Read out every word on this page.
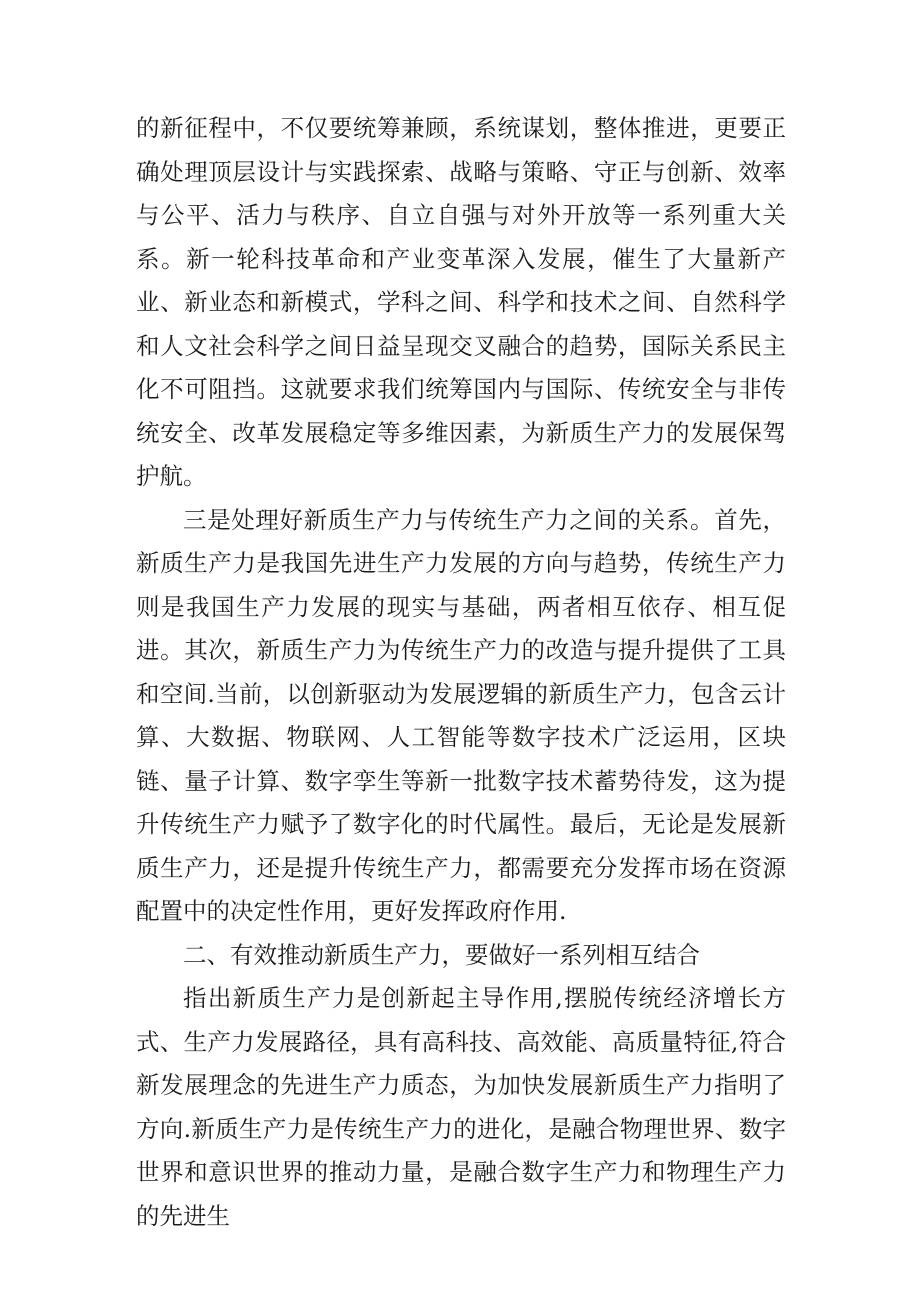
的新征程中，不仅要统筹兼顾，系统谋划，整体推进，更要正确处理顶层设计与实践探索、战略与策略、守正与创新、效率与公平、活力与秩序、自立自强与对外开放等一系列重大关系。新一轮科技革命和产业变革深入发展，催生了大量新产业、新业态和新模式，学科之间、科学和技术之间、自然科学和人文社会科学之间日益呈现交叉融合的趋势，国际关系民主化不可阻挡。这就要求我们统筹国内与国际、传统安全与非传统安全、改革发展稳定等多维因素，为新质生产力的发展保驾护航。

三是处理好新质生产力与传统生产力之间的关系。首先，新质生产力是我国先进生产力发展的方向与趋势，传统生产力则是我国生产力发展的现实与基础，两者相互依存、相互促进。其次，新质生产力为传统生产力的改造与提升提供了工具和空间.当前，以创新驱动为发展逻辑的新质生产力，包含云计算、大数据、物联网、人工智能等数字技术广泛运用，区块链、量子计算、数字孪生等新一批数字技术蓄势待发，这为提升传统生产力赋予了数字化的时代属性。最后，无论是发展新质生产力，还是提升传统生产力，都需要充分发挥市场在资源配置中的决定性作用，更好发挥政府作用.

二、有效推动新质生产力，要做好一系列相互结合

指出新质生产力是创新起主导作用,摆脱传统经济增长方式、生产力发展路径，具有高科技、高效能、高质量特征,符合新发展理念的先进生产力质态，为加快发展新质生产力指明了方向.新质生产力是传统生产力的进化，是融合物理世界、数字世界和意识世界的推动力量，是融合数字生产力和物理生产力的先进生
